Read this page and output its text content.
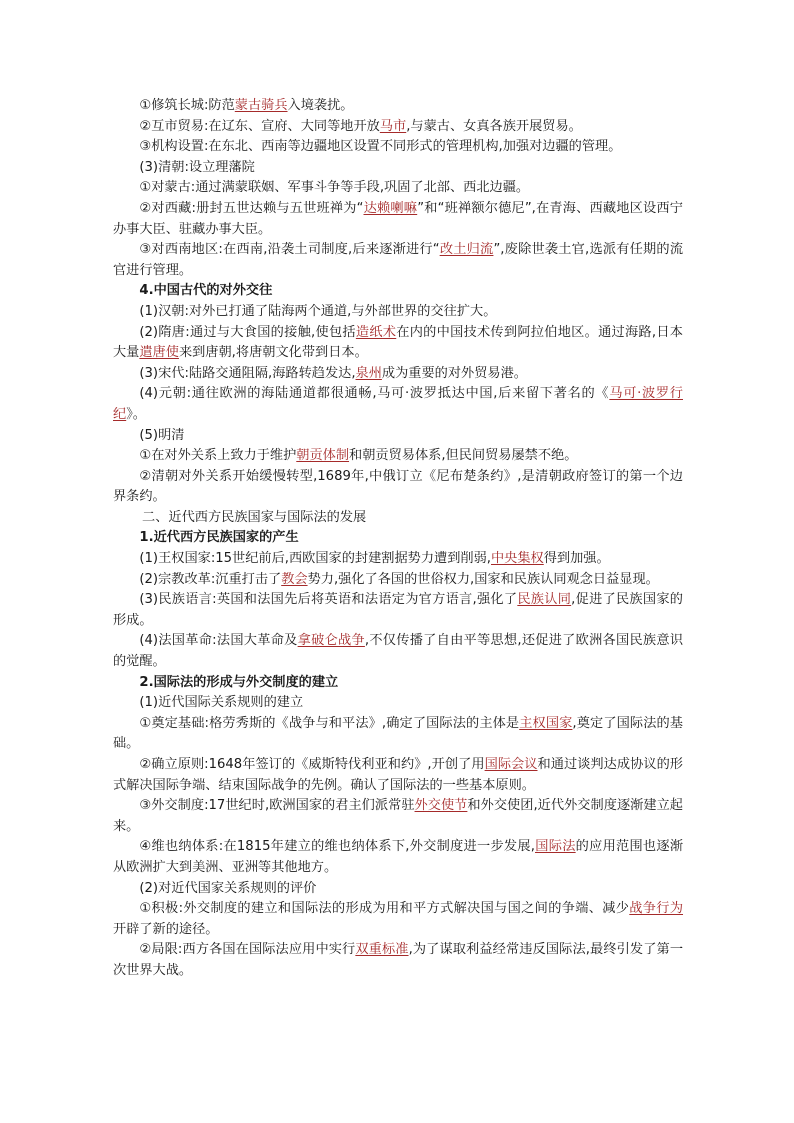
①修筑长城:防范蒙古骑兵入境袭扰。

②互市贸易:在辽东、宣府、大同等地开放马市,与蒙古、女真各族开展贸易。

③机构设置:在东北、西南等边疆地区设置不同形式的管理机构,加强对边疆的管理。

(3)清朝:设立理藩院

①对蒙古:通过满蒙联姻、军事斗争等手段,巩固了北部、西北边疆。

②对西藏:册封五世达赖与五世班禅为“达赖喇嘛”和“班禅额尔德尼”,在青海、西藏地区设西宁办事大臣、驻藏办事大臣。

③对西南地区:在西南,沿袭土司制度,后来逐渐进行“改土归流”,废除世袭土官,选派有任期的流官进行管理。

4.中国古代的对外交往

(1)汉朝:对外已打通了陆海两个通道,与外部世界的交往扩大。

(2)隋唐:通过与大食国的接触,使包括造纸术在内的中国技术传到阿拉伯地区。通过海路,日本大量遣唐使来到唐朝,将唐朝文化带到日本。

(3)宋代:陆路交通阻隔,海路转趋发达,泉州成为重要的对外贸易港。

(4)元朝:通往欧洲的海陆通道都很通畅,马可·波罗抵达中国,后来留下著名的《马可·波罗行纪》。

(5)明清

①在对外关系上致力于维护朝贡体制和朝贡贸易体系,但民间贸易屡禁不绝。

②清朝对外关系开始缓慢转型,1689年,中俄订立《尼布楚条约》,是清朝政府签订的第一个边界条约。

二、近代西方民族国家与国际法的发展

1.近代西方民族国家的产生

(1)王权国家:15世纪前后,西欧国家的封建割据势力遭到削弱,中央集权得到加强。

(2)宗教改革:沉重打击了教会势力,强化了各国的世俗权力,国家和民族认同观念日益显现。

(3)民族语言:英国和法国先后将英语和法语定为官方语言,强化了民族认同,促进了民族国家的形成。

(4)法国革命:法国大革命及拿破仑战争,不仅传播了自由平等思想,还促进了欧洲各国民族意识的觉醒。

2.国际法的形成与外交制度的建立

(1)近代国际关系规则的建立

①奠定基础:格劳秀斯的《战争与和平法》,确定了国际法的主体是主权国家,奠定了国际法的基础。

②确立原则:1648年签订的《威斯特伐利亚和约》,开创了用国际会议和通过谈判达成协议的形式解决国际争端、结束国际战争的先例。确认了国际法的一些基本原则。

③外交制度:17世纪时,欧洲国家的君主们派常驻外交使节和外交使团,近代外交制度逐渐建立起来。

④维也纳体系:在1815年建立的维也纳体系下,外交制度进一步发展,国际法的应用范围也逐渐从欧洲扩大到美洲、亚洲等其他地方。

(2)对近代国家关系规则的评价

①积极:外交制度的建立和国际法的形成为用和平方式解决国与国之间的争端、减少战争行为开辟了新的途径。

②局限:西方各国在国际法应用中实行双重标准,为了谋取利益经常违反国际法,最终引发了第一次世界大战。
